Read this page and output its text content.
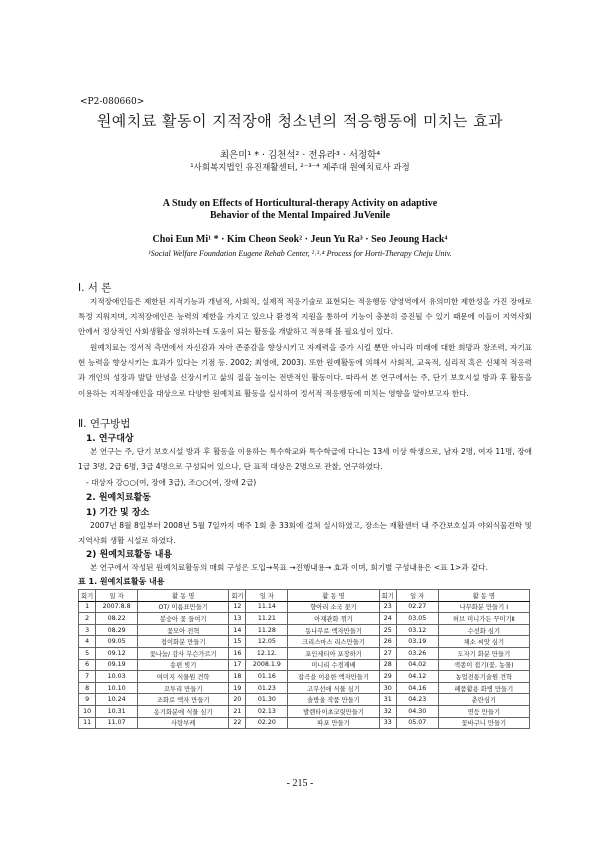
<P2-080660>
원예치료 활동이 지적장애 청소년의 적응행동에 미치는 효과
최은미¹ * · 김천석² · 전유라³ · 서정학⁴
¹사회복지법인 유진재활센터, ²⁻³⁻⁴ 제주대 원예치료사 과정
A Study on Effects of Horticultural-therapy Activity on adaptive
Behavior of the Mental Impaired JuVenile
Choi Eun Mi¹ * · Kim Cheon Seok² · Jeun Yu Ra³ · Seo Jeoung Hack⁴
¹Social Welfare Foundation Eugene Rehab Center, ²˒³˒⁴ Process for Horti-Therapy Cheju Univ.
Ⅰ. 서 론
지적장애인들은 제한된 지적기능과 개념적, 사회적, 실제적 적응기술로 표현되는 적응행동 양영역에서 유의미한 제한성을 가진 장애로 특정 지워지며, 지적장애인은 능력의 제한을 가지고 있으나 환경적 지원을 통하여 기능이 충분히 증진될 수 있기 때문에 이들이 지역사회 안에서 정상적인 사회생활을 영위하는데 도움이 되는 활동을 개발하고 적용해 볼 필요성이 있다.
원예치료는 정서적 측면에서 자신감과 자아 존중감을 향상시키고 자제력을 증가 시킬 뿐만 아니라 미래에 대한 희망과 창조력, 자기표현 능력을 향상시키는 효과가 있다는 기점 등. 2002; 최영애, 2003). 또한 원예활동에 의해서 사회적, 교육적, 심리적 혹은 신체적 적응력과 개인의 성장과 발달 안녕을 신장시키고 삶의 질을 높이는 전반적인 활동이다. 따라서 본 연구에서는 주, 단기 보호시설 방과 후 활동을 이용하는 지적장애인을 대상으로 다양한 원예치료 활동을 실시하여 정서적 적응행동에 미치는 영향을 알아보고자 한다.
Ⅱ. 연구방법
1. 연구대상
본 연구는 주, 단기 보호시설 방과 후 활동을 이용하는 특수학교와 특수학급에 다니는 13세 이상 학생으로, 남자 2명, 여자 11명, 장애1급 3명, 2급 6명, 3급 4명으로 구성되어 있으나, 단 표적 대상은 2명으로 관찰, 연구하였다.
- 대상자 강○○(여, 장애 3급), 조○○(여, 장애 2급)
2. 원예치료활동
1) 기간 및 장소
2007년 8월 8일부터 2008년 5월 7일까지 매주 1회 총 33회에 걸쳐 실시하였고, 장소는 재활센터 내 주간보호실과 야외식물견학 및 지역사회 생활 시설로 하였다.
2) 원예치료활동 내용
본 연구에서 작성된 원예치료활동의 매회 구성은 도입→목표 →진행내용→ 효과 이며, 회기별 구성내용은 <표 1>과 같다.
표 1. 원예치료활동 내용
회기	일 자	활 동 명	회기	일 자	활 동 명	회기	일 자	활 동 명
1	2007.8.8	OT/ 이름표만들기	12	11.14	향아리 소국 꽂기	23	02.27	나무화분 만들기 Ⅰ
2	08.22	봉숭아 꽃 들여기	13	11.21	아재관화 꺾기	24	03.05	허브 미니가든 꾸미기Ⅱ
3	08.29	꽃모아 전혁	14	11.28	동나무로 액자만들기	25	03.12	수선화 심기
4	09.05	접이화분 만들기	15	12.05	크리스마스 리스만들기	26	03.19	채소 씨앗 심기
5	09.12	꽃나눔/ 감사 무슨가르기	16	12.12.	포인세티아 포장하기	27	03.26	도자기 화분 만들기
6	09.19	송편 빚기	17	2008.1.9	미니리 수경재배	28	04.02	색종이 접기(꽃, 농물)
7	10.03	여미지 식물원 견학	18	01.16	잡곡을 이용한 액자만들기	29	04.12	농업전통기술원 견학
8	10.10	꼬투리 만들기	19	01.23	고무선애 식물 심기	30	04.16	폐품활용 화병 만들기
9	10.24	조화로 액자 만들기	20	01.30	솔방울 작품 만들기	31	04.23	춘란심기
10	10.31	옹기화분에 식물 심기	21	02.13	발렌타이초코릿만들기	32	04.30	연등 만들기
11	11.07	사탕부케	22	02.20	따포 만들기	33	05.07	꽃바구니 만들기
- 215 -
